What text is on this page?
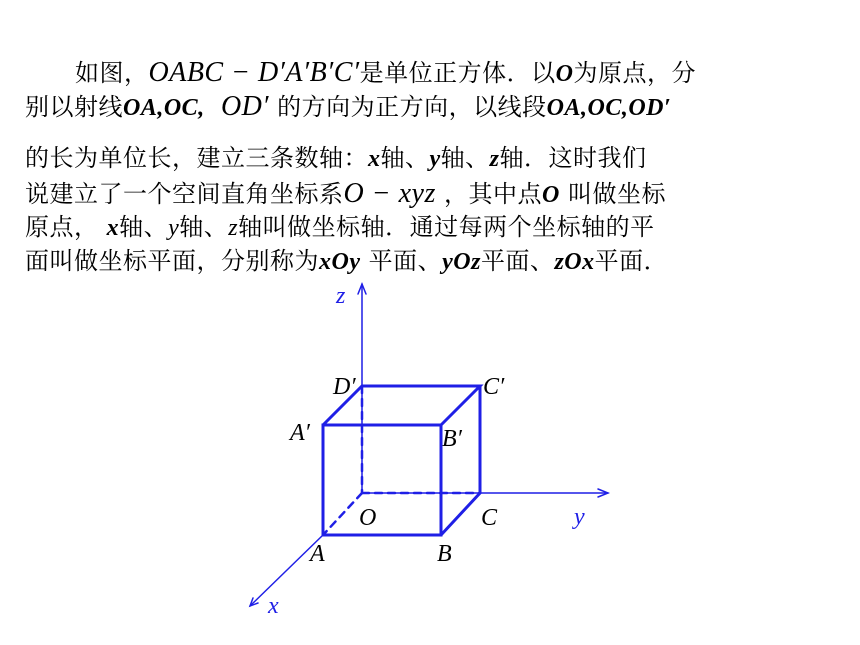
如图，OABC − D′A′B′C′是单位正方体．以O为原点，分
别以射线OA,OC, OD′ 的方向为正方向，以线段OA,OC,OD′
的长为单位长，建立三条数轴：x轴、y轴、z轴．这时我们
说建立了一个空间直角坐标系O − xyz ，其中点O 叫做坐标
原点， x轴、y轴、z轴叫做坐标轴．通过每两个坐标轴的平
面叫做坐标平面，分别称为xOy 平面、yOz平面、zOx平面．
z
y
x
O
A	B
C
A′	B′
C′
D′
